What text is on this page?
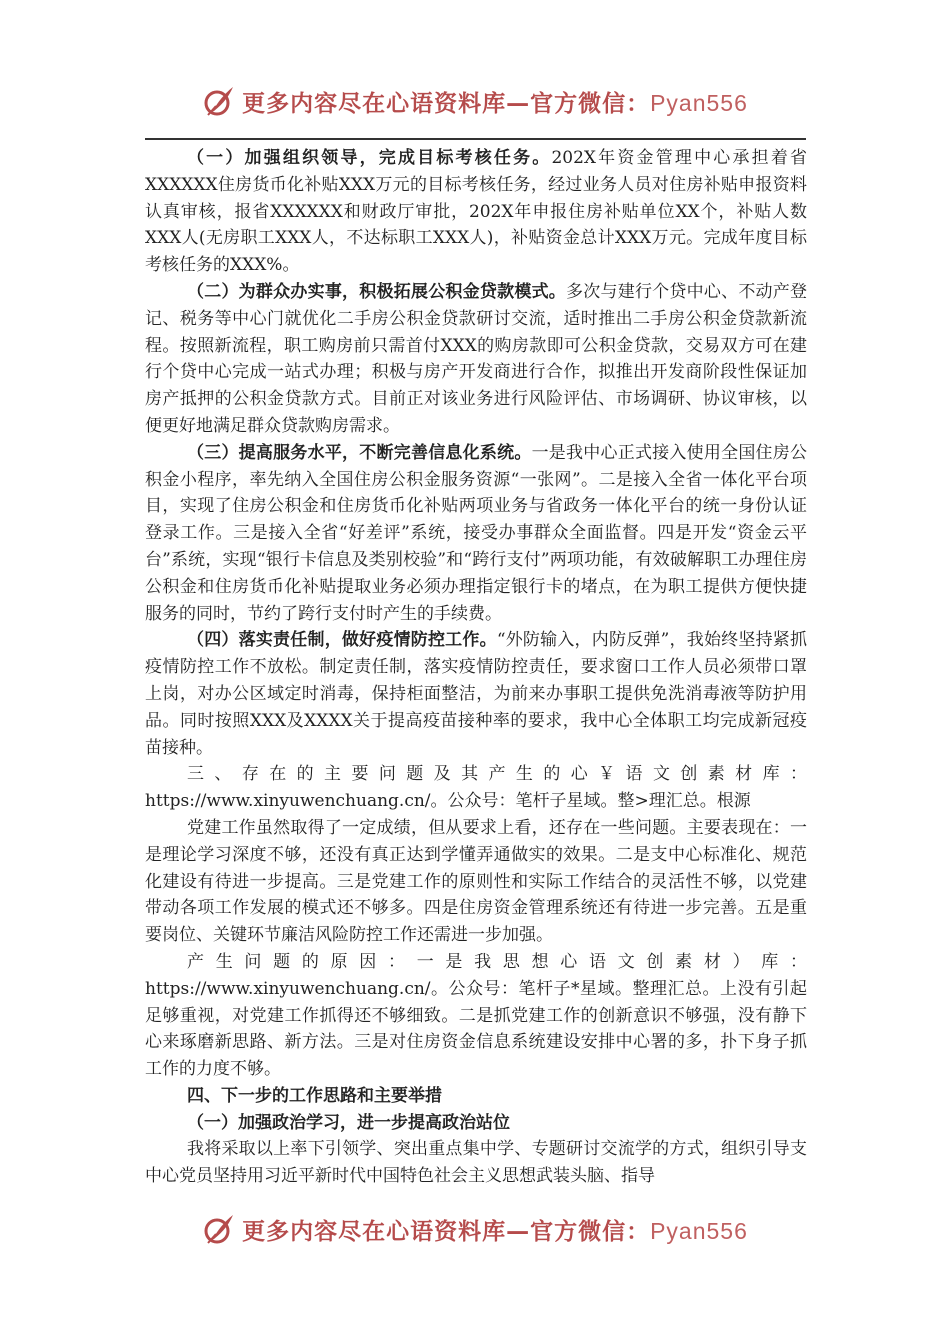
更多内容尽在心语资料库—官方微信：Pyan556

（一）加强组织领导，完成目标考核任务。202X年资金管理中心承担着省XXXXXX住房货币化补贴XXX万元的目标考核任务，经过业务人员对住房补贴申报资料认真审核，报省XXXXXX和财政厅审批，202X年申报住房补贴单位XX个，补贴人数XXX人(无房职工XXX人，不达标职工XXX人)，补贴资金总计XXX万元。完成年度目标考核任务的XXX%。

（二）为群众办实事，积极拓展公积金贷款模式。多次与建行个贷中心、不动产登记、税务等中心门就优化二手房公积金贷款研讨交流，适时推出二手房公积金贷款新流程。按照新流程，职工购房前只需首付XXX的购房款即可公积金贷款，交易双方可在建行个贷中心完成一站式办理；积极与房产开发商进行合作，拟推出开发商阶段性保证加房产抵押的公积金贷款方式。目前正对该业务进行风险评估、市场调研、协议审核，以便更好地满足群众贷款购房需求。

（三）提高服务水平，不断完善信息化系统。一是我中心正式接入使用全国住房公积金小程序，率先纳入全国住房公积金服务资源“一张网”。二是接入全省一体化平台项目，实现了住房公积金和住房货币化补贴两项业务与省政务一体化平台的统一身份认证登录工作。三是接入全省“好差评”系统，接受办事群众全面监督。四是开发“资金云平台”系统，实现“银行卡信息及类别校验”和“跨行支付”两项功能，有效破解职工办理住房公积金和住房货币化补贴提取业务必须办理指定银行卡的堵点，在为职工提供方便快捷服务的同时，节约了跨行支付时产生的手续费。

（四）落实责任制，做好疫情防控工作。“外防输入，内防反弹”，我始终坚持紧抓疫情防控工作不放松。制定责任制，落实疫情防控责任，要求窗口工作人员必须带口罩上岗，对办公区域定时消毒，保持柜面整洁，为前来办事职工提供免洗消毒液等防护用品。同时按照XXX及XXXX关于提高疫苗接种率的要求，我中心全体职工均完成新冠疫苗接种。

三、存在的主要问题及其产生的心￥语文创素材库：https://www.xinyuwenchuang.cn/。公众号：笔杆子星域。整>理汇总。根源

党建工作虽然取得了一定成绩，但从要求上看，还存在一些问题。主要表现在：一是理论学习深度不够，还没有真正达到学懂弄通做实的效果。二是支中心标准化、规范化建设有待进一步提高。三是党建工作的原则性和实际工作结合的灵活性不够，以党建带动各项工作发展的模式还不够多。四是住房资金管理系统还有待进一步完善。五是重要岗位、关键环节廉洁风险防控工作还需进一步加强。

产生问题的原因：一是我思想心语文创素材）库：https://www.xinyuwenchuang.cn/。公众号：笔杆子*星域。整理汇总。上没有引起足够重视，对党建工作抓得还不够细致。二是抓党建工作的创新意识不够强，没有静下心来琢磨新思路、新方法。三是对住房资金信息系统建设安排中心署的多，扑下身子抓工作的力度不够。

四、下一步的工作思路和主要举措

（一）加强政治学习，进一步提高政治站位

我将采取以上率下引领学、突出重点集中学、专题研讨交流学的方式，组织引导支中心党员坚持用习近平新时代中国特色社会主义思想武装头脑、指导

更多内容尽在心语资料库—官方微信：Pyan556
